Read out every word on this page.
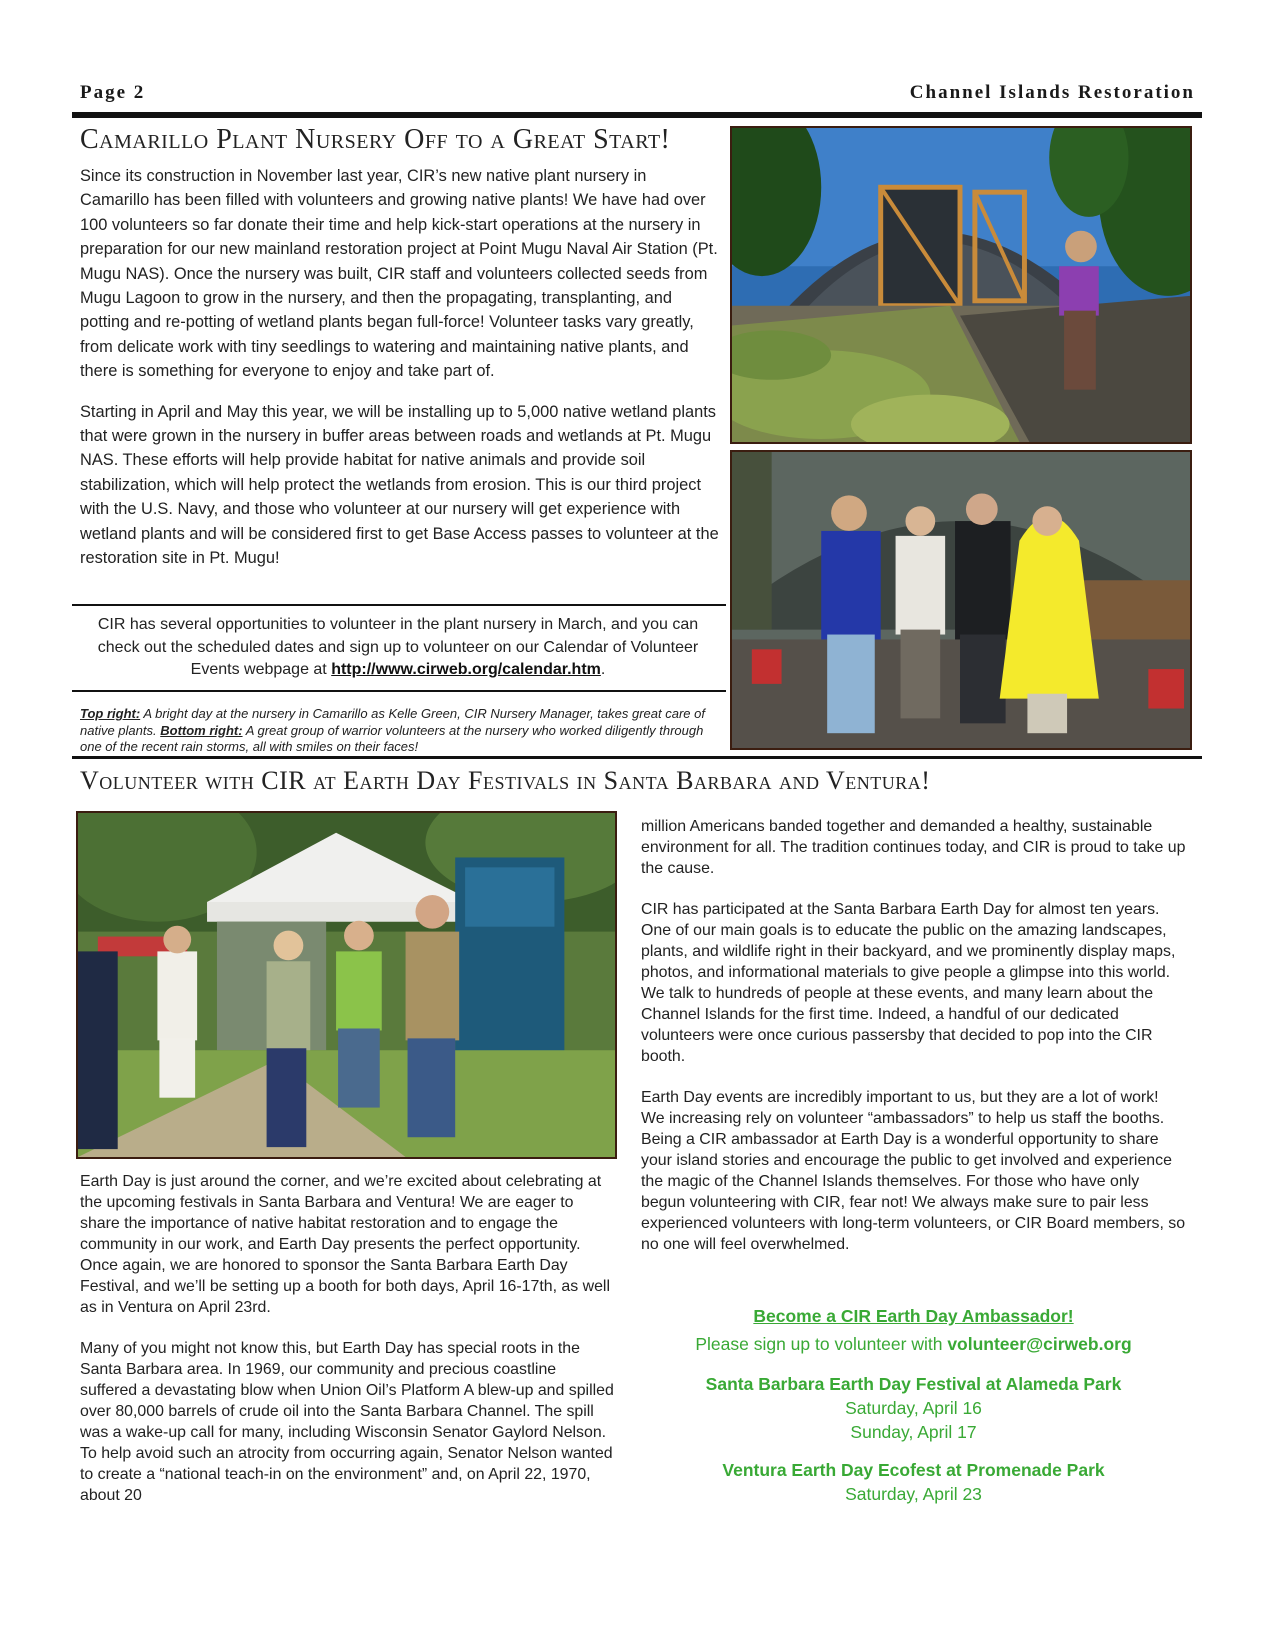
Page 2	Channel Islands Restoration
Camarillo Plant Nursery Off to a Great Start!

Since its construction in November last year, CIR’s new native plant nursery in Camarillo has been filled with volunteers and growing native plants! We have had over 100 volunteers so far donate their time and help kick-start operations at the nursery in preparation for our new mainland restoration project at Point Mugu Naval Air Station (Pt. Mugu NAS). Once the nursery was built, CIR staff and volunteers collected seeds from Mugu Lagoon to grow in the nursery, and then the propagating, transplanting, and potting and re-potting of wetland plants began full-force! Volunteer tasks vary greatly, from delicate work with tiny seedlings to watering and maintaining native plants, and there is something for everyone to enjoy and take part of.

Starting in April and May this year, we will be installing up to 5,000 native wetland plants that were grown in the nursery in buffer areas between roads and wetlands at Pt. Mugu NAS. These efforts will help provide habitat for native animals and provide soil stabilization, which will help protect the wetlands from erosion. This is our third project with the U.S. Navy, and those who volunteer at our nursery will get experience with wetland plants and will be considered first to get Base Access passes to volunteer at the restoration site in Pt. Mugu!

CIR has several opportunities to volunteer in the plant nursery in March, and you can check out the scheduled dates and sign up to volunteer on our Calendar of Volunteer Events webpage at http://www.cirweb.org/calendar.htm.
Top right: A bright day at the nursery in Camarillo as Kelle Green, CIR Nursery Manager, takes great care of native plants. Bottom right: A great group of warrior volunteers at the nursery who worked diligently through one of the recent rain storms, all with smiles on their faces!
Volunteer with CIR at Earth Day Festivals in Santa Barbara and Ventura!

Earth Day is just around the corner, and we’re excited about celebrating at the upcoming festivals in Santa Barbara and Ventura! We are eager to share the importance of native habitat restoration and to engage the community in our work, and Earth Day presents the perfect opportunity. Once again, we are honored to sponsor the Santa Barbara Earth Day Festival, and we’ll be setting up a booth for both days, April 16-17th, as well as in Ventura on April 23rd.

Many of you might not know this, but Earth Day has special roots in the Santa Barbara area. In 1969, our community and precious coastline suffered a devastating blow when Union Oil’s Platform A blew-up and spilled over 80,000 barrels of crude oil into the Santa Barbara Channel. The spill was a wake-up call for many, including Wisconsin Senator Gaylord Nelson. To help avoid such an atrocity from occurring again, Senator Nelson wanted to create a “national teach-in on the environment” and, on April 22, 1970, about 20

million Americans banded together and demanded a healthy, sustainable environment for all. The tradition continues today, and CIR is proud to take up the cause.

CIR has participated at the Santa Barbara Earth Day for almost ten years. One of our main goals is to educate the public on the amazing landscapes, plants, and wildlife right in their backyard, and we prominently display maps, photos, and informational materials to give people a glimpse into this world. We talk to hundreds of people at these events, and many learn about the Channel Islands for the first time. Indeed, a handful of our dedicated volunteers were once curious passersby that decided to pop into the CIR booth.

Earth Day events are incredibly important to us, but they are a lot of work! We increasing rely on volunteer “ambassadors” to help us staff the booths. Being a CIR ambassador at Earth Day is a wonderful opportunity to share your island stories and encourage the public to get involved and experience the magic of the Channel Islands themselves. For those who have only begun volunteering with CIR, fear not! We always make sure to pair less experienced volunteers with long-term volunteers, or CIR Board members, so no one will feel overwhelmed.

Become a CIR Earth Day Ambassador!
Please sign up to volunteer with volunteer@cirweb.org
Santa Barbara Earth Day Festival at Alameda Park
Saturday, April 16
Sunday, April 17
Ventura Earth Day Ecofest at Promenade Park
Saturday, April 23
